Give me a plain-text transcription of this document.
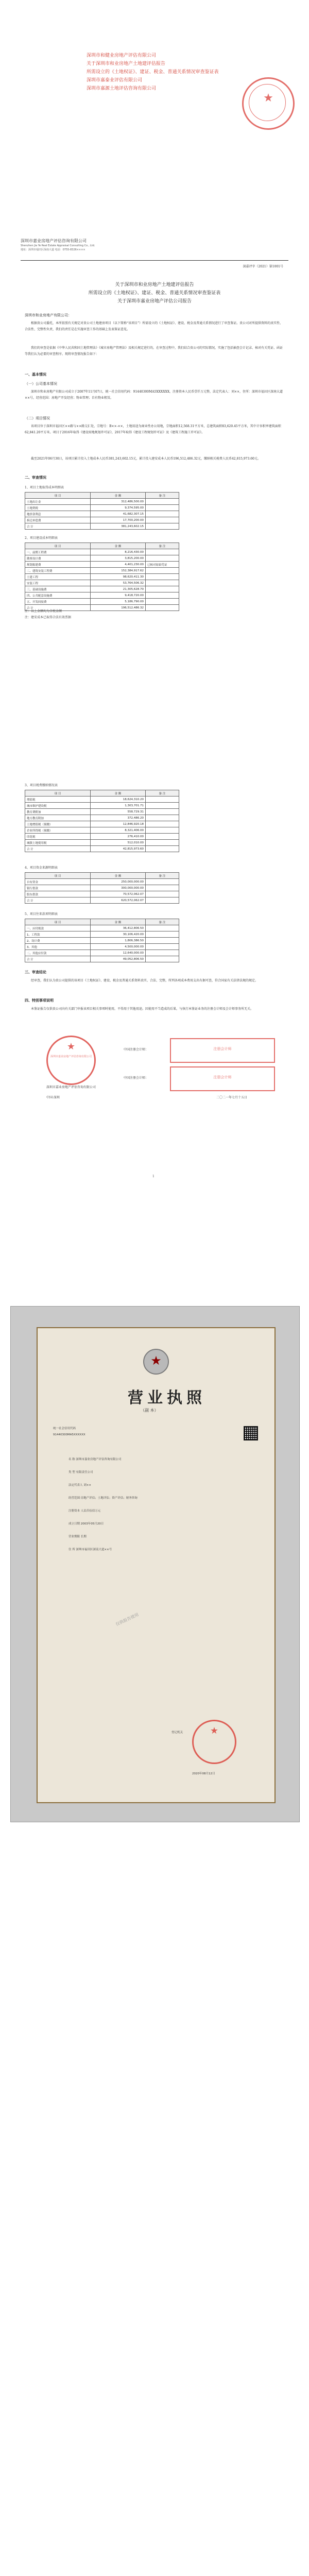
深圳市和健业房地产评估有限公司
关于深圳市和业房地产土地建评估报告
所需设立的《土地权证》、建证、税金、普通关系情况审查鉴证表
深圳市嘉泰业评估有限公司
深圳市嘉源土地评估咨询有限公司
★
深圳市嘉业房地产评估咨询有限公司
Shenzhen Jia Ye Real Estate Appraisal Consulting Co., Ltd.
地址：深圳市福田区深南大道 电话：0755-8326××××
深嘉评字（2021）第1001号
关于深圳市和业房地产土地建评估报告
所需设立的《土地权证》、建证、税金、普通关系情况审查鉴证表
关于深圳市嘉业房地产评估公司报告
深圳市和业房地产有限公司：

根据贵公司委托，本所依照有关规定对贵公司土地建房项目（以下简称“该项目”）所需设立的《土地权证》、建设、税金及普通关系情况进行了审查鉴证。贵公司对所提供资料的真实性、合法性、完整性负责，我们的责任是在实施审查工作的基础上发表鉴证意见。

我们的审查是依据《中华人民共和国土地管理法》《城市房地产管理法》及相关规定进行的，在审查过程中，我们结合贵公司的实际情况，实施了包括抽查会计记录、核对有关凭证、函证等我们认为必要的审查程序。现将审查情况报告如下：

一、基本情况
（一）公司基本情况

深圳市和业房地产有限公司成立于2007年11月07日，统一社会信用代码：91440300MA5XXXXXX，注册资本人民币壹仟万元整，法定代表人：刘××，住所：深圳市福田区深南大道××号，经营范围：房地产开发经营；物业管理；自有物业租赁。

（二）项目情况

该项目位于深圳市福田区××路与××路交汇处，宗地号：B××-××，土地用途为商业性办公用地，宗地面积12,568.31平方米，总建筑面积83,620.45平方米，其中计容积率建筑面积62,841.20平方米。项目于2016年取得《建设用地规划许可证》，2017年取得《建设工程规划许可证》及《建筑工程施工许可证》。

截至2021年06月30日，该项目累计投入土地成本人民币381,243,602.15元，累计投入建安成本人民币196,512,486.32元，缴纳相关税费人民币42,815,973.60元。

二、审查情况
1、项目土地取得成本明细表
项 目	金 额	备 注
土地出让金	312,486,500.00	
土地契税	9,374,595.00	
地价款利息	41,682,307.15	
拆迁补偿费	17,700,200.00	
合 计	381,243,602.15	
2、项目建设成本明细表
项 目	金 额	备 注
一、前期工程费	8,216,430.00	
勘察设计费	3,815,200.00	
规划报建费	4,401,230.00	已核对原始凭证
二、建筑安装工程费	152,384,917.62	
土建工程	98,620,411.30	
安装工程	53,764,506.32	
三、基础设施费	21,305,628.70	
四、公共配套设施费	9,418,720.00	
五、开发间接费	5,186,790.00	
合 计	196,512,486.32	
注：以上金额均为含税金额
注：建安成本已取得合法有效票据
3、项目税费缴纳情况表
项 目	金 额	备 注
增值税	18,624,310.20	
城市维护建设税	1,303,701.71	
教育费附加	558,729.31	
地方教育附加	372,486.20	
土地增值税（预缴）	12,846,920.18	
企业所得税（预缴）	8,321,406.00	
印花税	276,410.00	
城镇土地使用税	512,010.00	
合 计	42,815,973.60	
4、项目资金来源明细表
项 目	金 额	备 注
自有资金	250,000,000.00	
银行借款	300,000,000.00	
股东借款	70,572,062.07	
合 计	620,572,062.07	
5、项目往来款项明细表
项 目	金 额	备 注
一、应付账款	36,412,806.50	
1、工程款	30,106,420.00	
2、设计费	1,806,386.50	
3、其他	4,500,000.00	
二、其他应付款	12,640,000.00	
合 计	49,052,806.50	
三、审查结论

经审查，我们认为贵公司提供的该项目《土地权证》、建设、税金及普通关系资料真实、合法、完整，所列各项成本费用支出有据可查，符合国家有关法律法规的规定。

四、特别事项说明

本鉴证报告仅供贵公司向有关部门申报该项目相关事项时使用，不得用于其他用途。因使用不当造成的后果，与执行本鉴证业务的注册会计师及会计师事务所无关。

★
深圳市嘉业房地产评估咨询有限公司
注册会计师
注册会计师
深圳市嘉业房地产评估咨询有限公司
中国注册会计师：
中国注册会计师：
中国·深圳	二〇二一年七月十五日
1
★
营业执照
（副 本）
统一社会信用代码
91440300MA5XXXXXX
名 称 深圳市嘉业房地产评估咨询有限公司
类 型 有限责任公司
法定代表人 刘××
经营范围 房地产评估；土地评估；资产评估；财务咨询
注册资本 人民币伍佰万元
成立日期 2003年05月20日
营业期限 长期
住 所 深圳市福田区深南大道××号
★
登记机关
2020年08月12日
仅供报告使用
